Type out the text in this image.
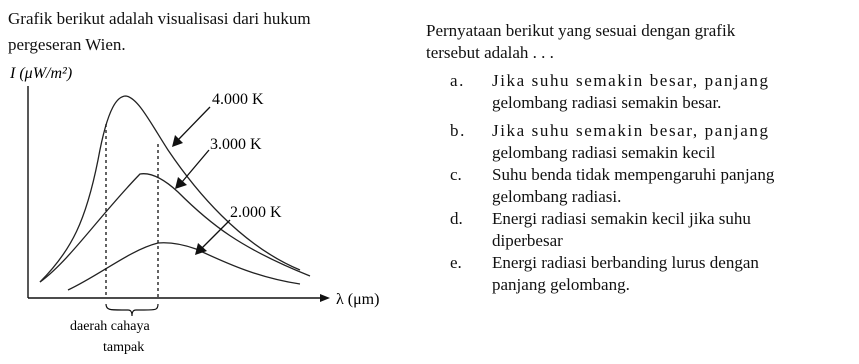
Grafik berikut adalah visualisasi dari hukum
pergeseran Wien.
I (μW/m²)
λ (μm)
4.000 K
3.000 K
2.000 K
daerah cahaya
tampak
Pernyataan berikut yang sesuai dengan grafik
tersebut adalah . . .
a. Jika suhu semakin besar, panjang
gelombang radiasi semakin besar.
b. Jika suhu semakin besar, panjang
gelombang radiasi semakin kecil
c. Suhu benda tidak mempengaruhi panjang
gelombang radiasi.
d. Energi radiasi semakin kecil jika suhu
diperbesar
e. Energi radiasi berbanding lurus dengan
panjang gelombang.
